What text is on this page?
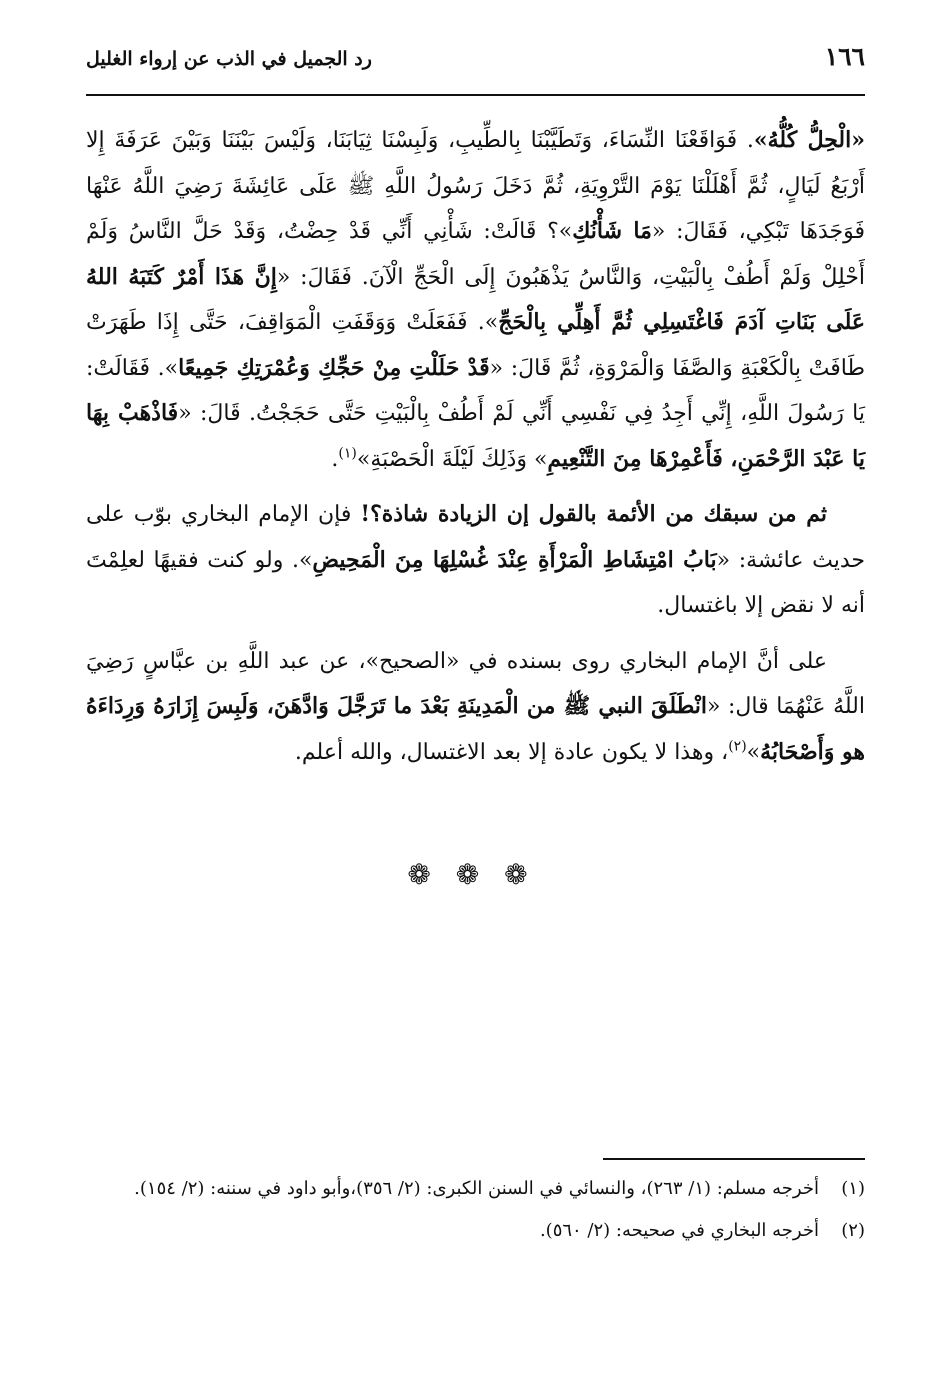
١٦٦
رد الجميل في الذب عن إرواء الغليل

«الْحِلُّ كُلُّهُ». فَوَاقَعْنَا النِّسَاءَ، وَتَطَيَّبْنَا بِالطِّيبِ، وَلَبِسْنَا ثِيَابَنَا، وَلَيْسَ بَيْنَنَا وَبَيْنَ عَرَفَةَ إِلا أَرْبَعُ لَيَالٍ، ثُمَّ أَهْلَلْنَا يَوْمَ التَّرْوِيَةِ، ثُمَّ دَخَلَ رَسُولُ اللَّهِ ﷺ عَلَى عَائِشَةَ رَضِيَ اللَّهُ عَنْهَا فَوَجَدَهَا تَبْكِي، فَقَالَ: «مَا شَأْنُكِ»؟ قَالَتْ: شَأْنِي أَنِّي قَدْ حِضْتُ، وَقَدْ حَلَّ النَّاسُ وَلَمْ أَحْلِلْ وَلَمْ أَطُفْ بِالْبَيْتِ، وَالنَّاسُ يَذْهَبُونَ إِلَى الْحَجِّ الْآنَ. فَقَالَ: «إِنَّ هَذَا أَمْرٌ كَتَبَهُ اللهُ عَلَى بَنَاتِ آدَمَ فَاغْتَسِلِي ثُمَّ أَهِلِّي بِالْحَجِّ». فَفَعَلَتْ وَوَقَفَتِ الْمَوَاقِفَ، حَتَّى إِذَا طَهَرَتْ طَافَتْ بِالْكَعْبَةِ وَالصَّفَا وَالْمَرْوَةِ، ثُمَّ قَالَ: «قَدْ حَلَلْتِ مِنْ حَجِّكِ وَعُمْرَتِكِ جَمِيعًا». فَقَالَتْ: يَا رَسُولَ اللَّهِ، إِنِّي أَجِدُ فِي نَفْسِي أَنِّي لَمْ أَطُفْ بِالْبَيْتِ حَتَّى حَجَجْتُ. قَالَ: «فَاذْهَبْ بِهَا يَا عَبْدَ الرَّحْمَنِ، فَأَعْمِرْهَا مِنَ التَّنْعِيمِ» وَذَلِكَ لَيْلَةَ الْحَصْبَةِ»$^{(١)}$.

ثم من سبقك من الأئمة بالقول إن الزيادة شاذة؟! فإن الإمام البخاري بوّب على حديث عائشة: «بَابُ امْتِشَاطِ الْمَرْأَةِ عِنْدَ غُسْلِهَا مِنَ الْمَحِيضِ». ولو كنت فقيهًا لعلِمْتَ أنه لا نقض إلا باغتسال.

على أنَّ الإمام البخاري روى بسنده في «الصحيح»، عن عبد اللَّهِ بن عبَّاسٍ رَضِيَ اللَّهُ عَنْهُمَا قال: «انْطَلَقَ النبي ﷺ من الْمَدِينَةِ بَعْدَ ما تَرَجَّلَ وَادَّهَنَ، وَلَبِسَ إِزَارَهُ وَرِدَاءَهُ هو وَأَصْحَابُهُ»$^{(٢)}$، وهذا لا يكون عادة إلا بعد الاغتسال، والله أعلم.

❁ ❁ ❁

(١)
أخرجه مسلم: (١/ ٢٦٣)، والنسائي في السنن الكبرى: (٢/ ٣٥٦)،وأبو داود في سننه: (٢/ ١٥٤).

(٢)
أخرجه البخاري في صحيحه: (٢/ ٥٦٠).
